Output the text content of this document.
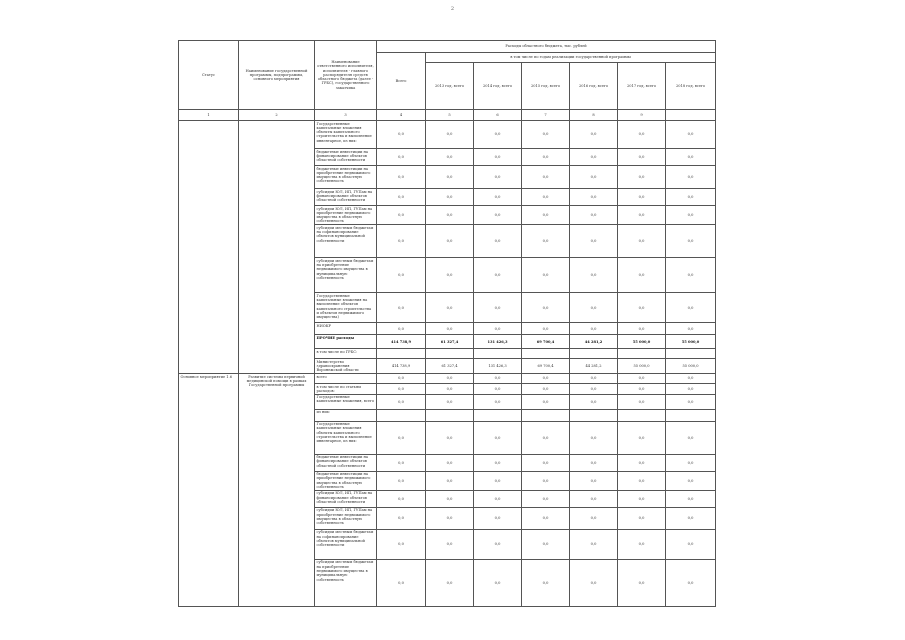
2
Статус	Наименование государственной программы, подпрограммы, основного мероприятия	Наименование ответственного исполнителя, исполнителя - главного распорядителя средств областного бюджета (далее - ГРБС), государственного заказчика	Расходы областного бюджета, тыс. рублей						
			Всего	в том числе по годам реализации государственной программы					
				2013 год, всего	2014 год, всего	2015 год, всего	2016 год, всего	2017 год, всего	2018 год, всего
1	2	3	4	5	6	7	8	9	
		Государственные капитальные вложения объекты капитального строительства и выполнение инвентарное, из них:	0,0	0,0	0,0	0,0	0,0	0,0	0,0
		бюджетные инвестиции на финансирование объектов областной собственности	0,0	0,0	0,0	0,0	0,0	0,0	0,0
		бюджетные инвестиции на приобретение недвижимого имущества в областную собственность	0,0	0,0	0,0	0,0	0,0	0,0	0,0
		субсидии ЮЛ, ИП, ГУПам на финансирование объектов областной собственности	0,0	0,0	0,0	0,0	0,0	0,0	0,0
		субсидии ЮЛ, ИП, ГУПам на приобретение недвижимого имущества в областную собственность	0,0	0,0	0,0	0,0	0,0	0,0	0,0
		субсидии местным бюджетам на софинансирование объектов муниципальной собственности	0,0	0,0	0,0	0,0	0,0	0,0	0,0
		субсидии местным бюджетам на приобретение недвижимого имущества в муниципальную собственность	0,0	0,0	0,0	0,0	0,0	0,0	0,0
		Государственные капитальные вложения на выполнение объектов капитального строительства и объектов недвижимого имущества)	0,0	0,0	0,0	0,0	0,0	0,0	0,0
		НИОКР	0,0	0,0	0,0	0,0	0,0	0,0	0,0
		ПРОЧИЕ расходы	414 738,9	61 327,4	131 426,3	69 700,4	44 281,2	55 000,0	55 000,0
		в том числе по ГРБС:							
		Министерство здравоохранения Воронежской области	414 738,9	61 327,4	131 426,3	69 700,4	44 281,2	55 000,0	55 000,0
Основное мероприятие 1.6	Развитие системы первичной медицинской помощи в рамках Государственной программы	всего	0,0	0,0	0,0	0,0	0,0	0,0	0,0
		в том числе по статьям расходов:	0,0	0,0	0,0	0,0	0,0	0,0	0,0
		Государственные капитальные вложения, всего	0,0	0,0	0,0	0,0	0,0	0,0	0,0
		из них:							
		Государственные капитальные вложения объекты капитального строительства и выполнение инвентарное, из них:	0,0	0,0	0,0	0,0	0,0	0,0	0,0
		бюджетные инвестиции на финансирование объектов областной собственности	0,0	0,0	0,0	0,0	0,0	0,0	0,0
		бюджетные инвестиции на приобретение недвижимого имущества в областную собственность	0,0	0,0	0,0	0,0	0,0	0,0	0,0
		субсидии ЮЛ, ИП, ГУПам на финансирование объектов областной собственности	0,0	0,0	0,0	0,0	0,0	0,0	0,0
		субсидии ЮЛ, ИП, ГУПам на приобретение недвижимого имущества в областную собственность	0,0	0,0	0,0	0,0	0,0	0,0	0,0
		субсидии местным бюджетам на софинансирование объектов муниципальной собственности	0,0	0,0	0,0	0,0	0,0	0,0	0,0
		субсидии местным бюджетам на приобретение недвижимого имущества в муниципальную собственность	0,0	0,0	0,0	0,0	0,0	0,0	0,0
